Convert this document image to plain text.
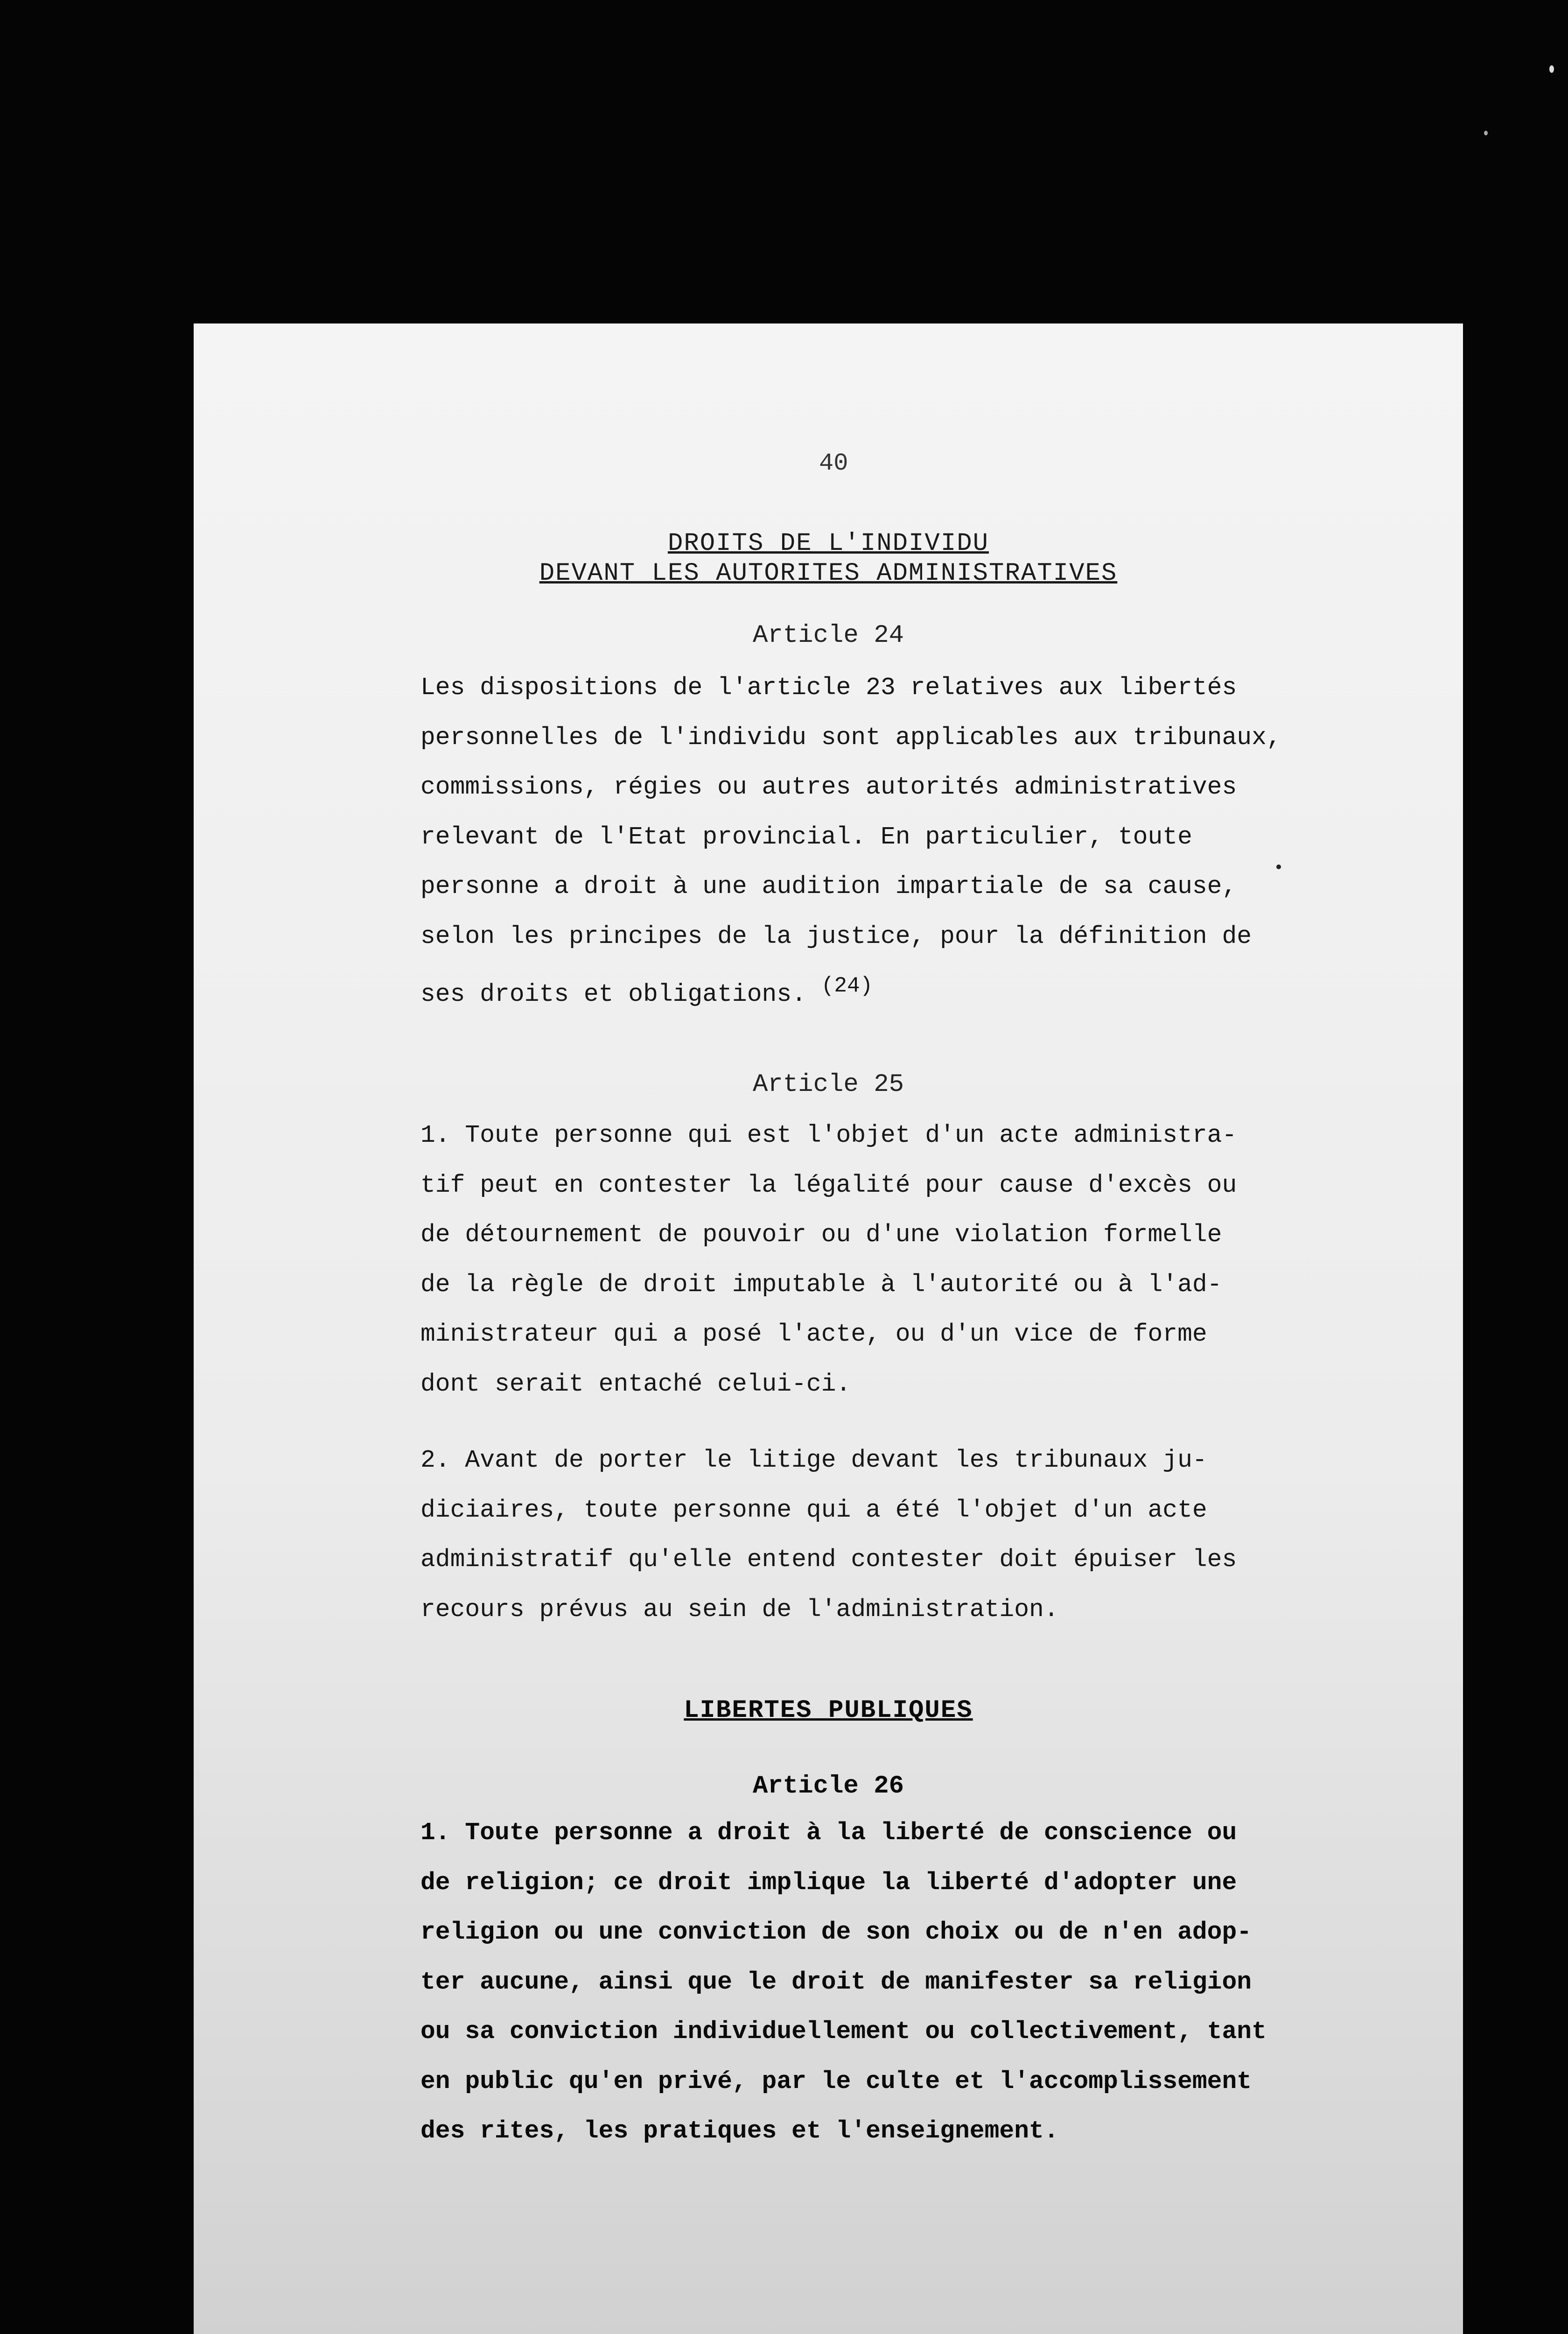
40
DROITS DE L'INDIVIDU
DEVANT LES AUTORITES ADMINISTRATIVES
Article 24
Les dispositions de l'article 23 relatives aux libertés
personnelles de l'individu sont applicables aux tribunaux,
commissions, régies ou autres autorités administratives
relevant de l'Etat provincial. En particulier, toute
personne a droit à une audition impartiale de sa cause,
selon les principes de la justice, pour la définition de
ses droits et obligations. (24)
Article 25
1. Toute personne qui est l'objet d'un acte administra-
tif peut en contester la légalité pour cause d'excès ou
de détournement de pouvoir ou d'une violation formelle
de la règle de droit imputable à l'autorité ou à l'ad-
ministrateur qui a posé l'acte, ou d'un vice de forme
dont serait entaché celui-ci.
2. Avant de porter le litige devant les tribunaux ju-
diciaires, toute personne qui a été l'objet d'un acte
administratif qu'elle entend contester doit épuiser les
recours prévus au sein de l'administration.
LIBERTES PUBLIQUES
Article 26
1. Toute personne a droit à la liberté de conscience ou
de religion; ce droit implique la liberté d'adopter une
religion ou une conviction de son choix ou de n'en adop-
ter aucune, ainsi que le droit de manifester sa religion
ou sa conviction individuellement ou collectivement, tant
en public qu'en privé, par le culte et l'accomplissement
des rites, les pratiques et l'enseignement.
